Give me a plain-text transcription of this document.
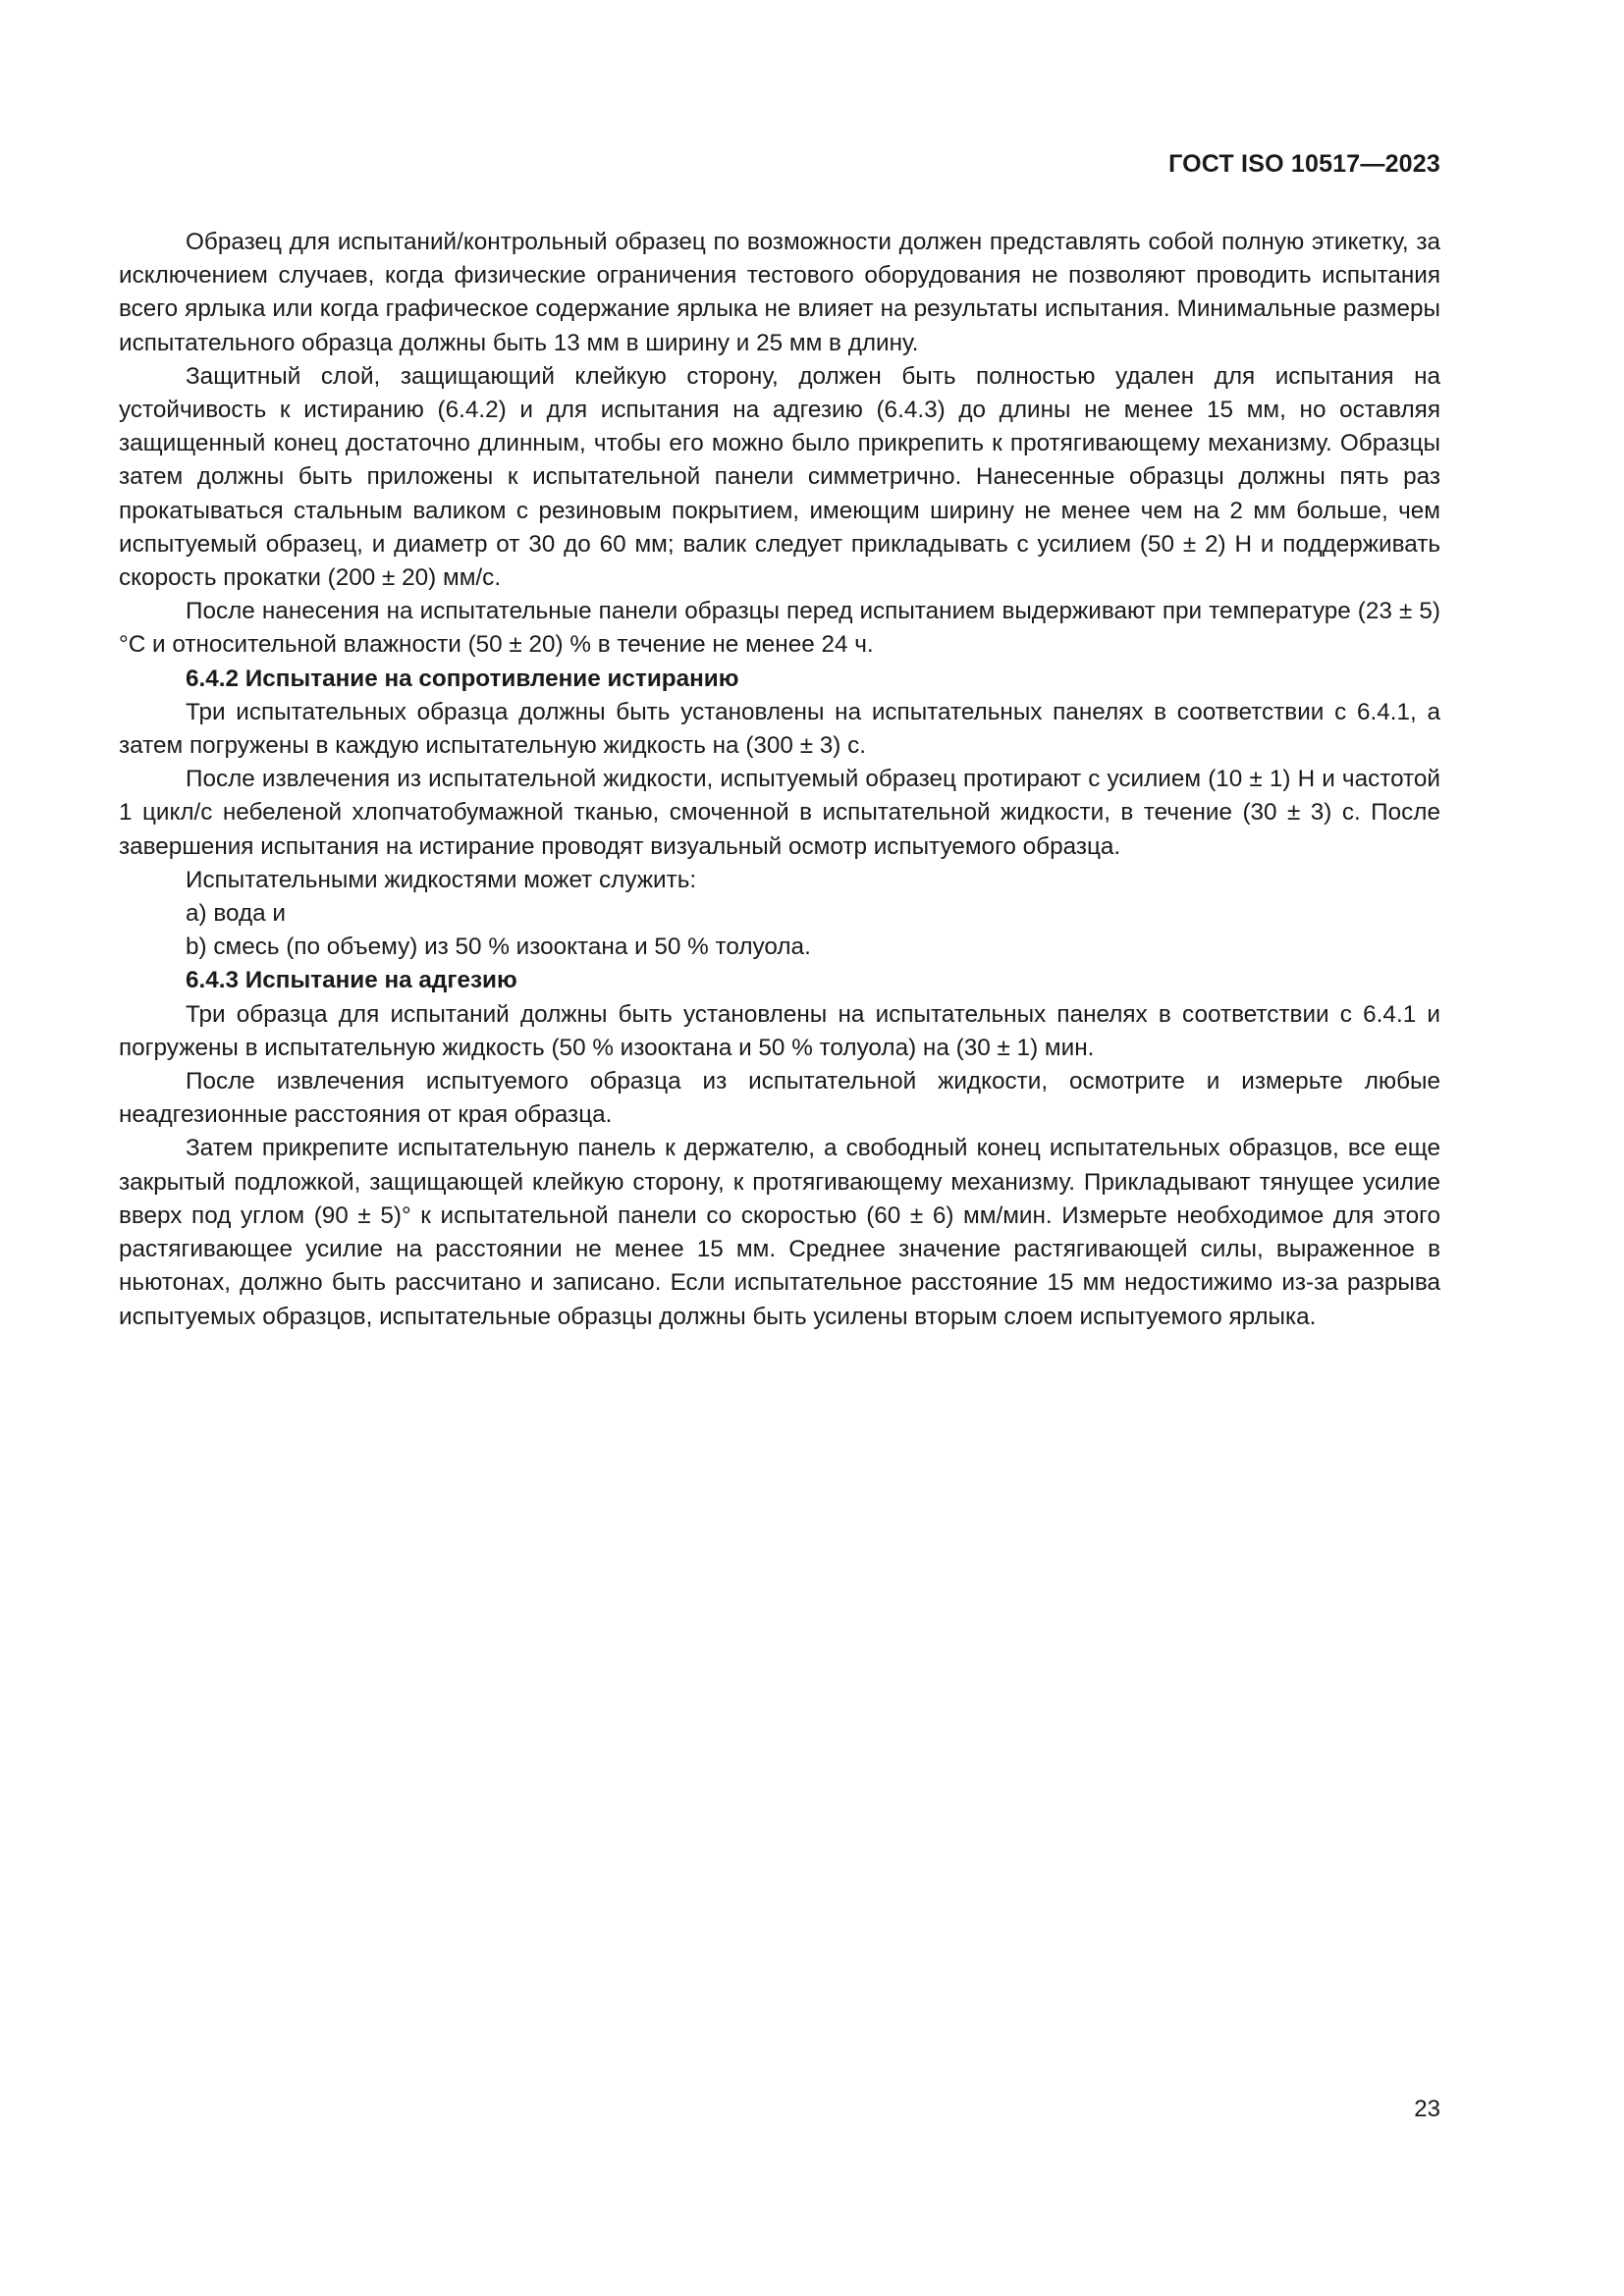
ГОСТ ISO 10517—2023

Образец для испытаний/контрольный образец по возможности должен представлять собой полную этикетку, за исключением случаев, когда физические ограничения тестового оборудования не позволяют проводить испытания всего ярлыка или когда графическое содержание ярлыка не влияет на результаты испытания. Минимальные размеры испытательного образца должны быть 13 мм в ширину и 25 мм в длину.

Защитный слой, защищающий клейкую сторону, должен быть полностью удален для испытания на устойчивость к истиранию (6.4.2) и для испытания на адгезию (6.4.3) до длины не менее 15 мм, но оставляя защищенный конец достаточно длинным, чтобы его можно было прикрепить к протягивающему механизму. Образцы затем должны быть приложены к испытательной панели симметрично. Нанесенные образцы должны пять раз прокатываться стальным валиком с резиновым покрытием, имеющим ширину не менее чем на 2 мм больше, чем испытуемый образец, и диаметр от 30 до 60 мм; валик следует прикладывать с усилием (50 ± 2) Н и поддерживать скорость прокатки (200 ± 20) мм/с.

После нанесения на испытательные панели образцы перед испытанием выдерживают при температуре (23 ± 5) °С и относительной влажности (50 ± 20) % в течение не менее 24 ч.

6.4.2 Испытание на сопротивление истиранию

Три испытательных образца должны быть установлены на испытательных панелях в соответствии с 6.4.1, а затем погружены в каждую испытательную жидкость на (300 ± 3) с.

После извлечения из испытательной жидкости, испытуемый образец протирают с усилием (10 ± 1) Н и частотой 1 цикл/с небеленой хлопчатобумажной тканью, смоченной в испытательной жидкости, в течение (30 ± 3) с. После завершения испытания на истирание проводят визуальный осмотр испытуемого образца.

Испытательными жидкостями может служить:

a) вода и

b) смесь (по объему) из 50 % изооктана и 50 % толуола.

6.4.3 Испытание на адгезию

Три образца для испытаний должны быть установлены на испытательных панелях в соответствии с 6.4.1 и погружены в испытательную жидкость (50 % изооктана и 50 % толуола) на (30 ± 1) мин.

После извлечения испытуемого образца из испытательной жидкости, осмотрите и измерьте любые неадгезионные расстояния от края образца.

Затем прикрепите испытательную панель к держателю, а свободный конец испытательных образцов, все еще закрытый подложкой, защищающей клейкую сторону, к протягивающему механизму. Прикладывают тянущее усилие вверх под углом (90 ± 5)° к испытательной панели со скоростью (60 ± 6) мм/мин. Измерьте необходимое для этого растягивающее усилие на расстоянии не менее 15 мм. Среднее значение растягивающей силы, выраженное в ньютонах, должно быть рассчитано и записано. Если испытательное расстояние 15 мм недостижимо из-за разрыва испытуемых образцов, испытательные образцы должны быть усилены вторым слоем испытуемого ярлыка.

23
